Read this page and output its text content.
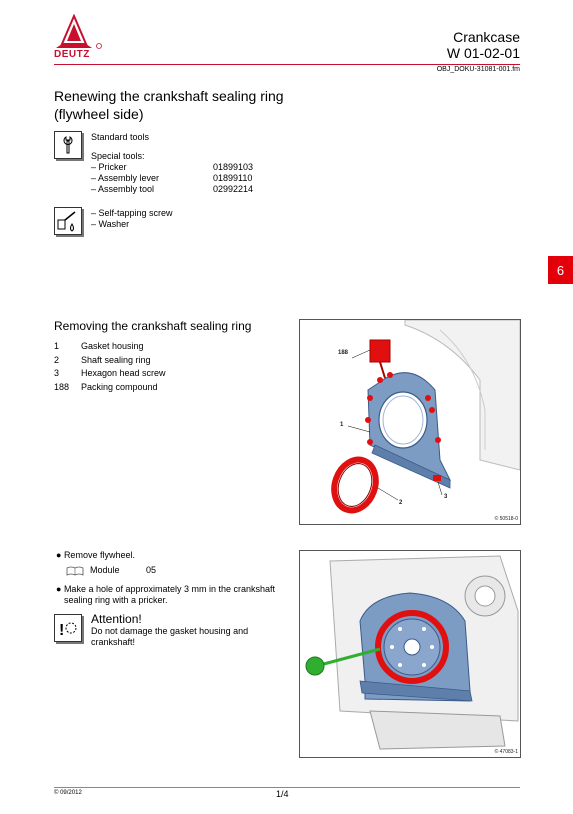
DEUTZ
Crankcase
W 01-02-01
OBJ_DOKU-31081-001.fm
Renewing the crankshaft sealing ring
(flywheel side)
Standard tools
Special tools:
– Pricker	01899103
– Assembly lever	01899110
– Assembly tool	02992214
– Self-tapping screw
– Washer
6
Removing the crankshaft sealing ring
1	Gasket housing
2	Shaft sealing ring
3	Hexagon head screw
188	Packing compound
188
1
2
3
© 50518-0
● Remove flywheel.
Module	05
● Make a hole of approximately 3 mm in the crankshaft
sealing ring with a pricker.
!
Attention!
Do not damage the gasket housing and
crankshaft!
© 47083-1
© 09/2012	1/4
